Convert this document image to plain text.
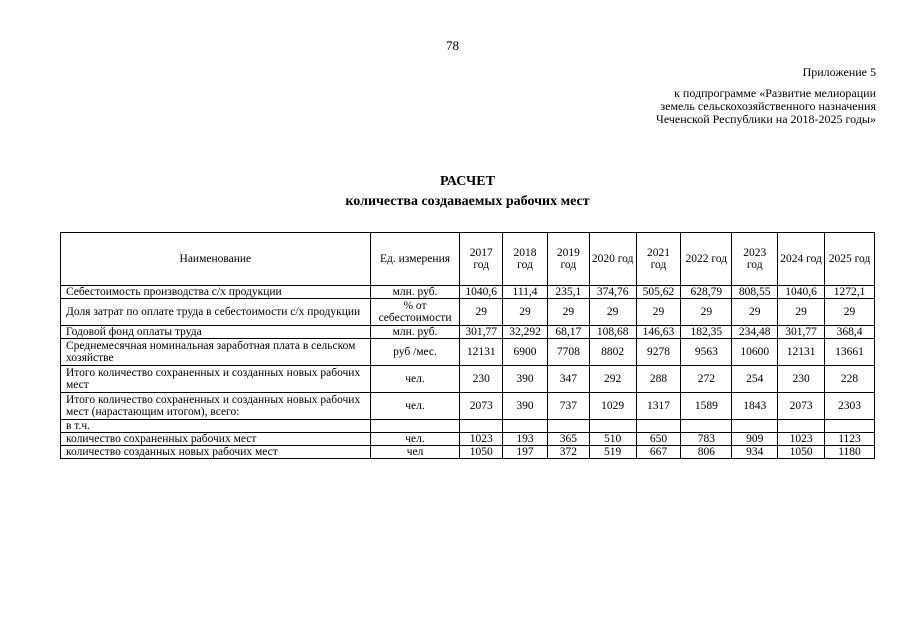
78
Приложение 5
к подпрограмме «Развитие мелиорации
земель сельскохозяйственного назначения
Чеченской Республики на 2018-2025 годы»
РАСЧЕТ
количества создаваемых рабочих мест
Наименование	Ед. измерения	2017 год	2018 год	2019 год	2020 год	2021 год	2022 год	2023 год	2024 год	2025 год
Себестоимость производства с/х продукции	млн. руб.	1040,6	111,4	235,1	374,76	505,62	628,79	808,55	1040,6	1272,1
Доля затрат по оплате труда в себестоимости с/х продукции	% от себестоимости	29	29	29	29	29	29	29	29	29
Годовой фонд оплаты труда	млн. руб.	301,77	32,292	68,17	108,68	146,63	182,35	234,48	301,77	368,4
Среднемесячная номинальная заработная плата в сельском хозяйстве	руб /мес.	12131	6900	7708	8802	9278	9563	10600	12131	13661
Итого количество сохраненных и созданных новых рабочих мест	чел.	230	390	347	292	288	272	254	230	228
Итого количество сохраненных и созданных новых рабочих мест (нарастающим итогом), всего:	чел.	2073	390	737	1029	1317	1589	1843	2073	2303
в т.ч.										
количество сохраненных рабочих мест	чел.	1023	193	365	510	650	783	909	1023	1123
количество созданных новых рабочих мест	чел	1050	197	372	519	667	806	934	1050	1180
